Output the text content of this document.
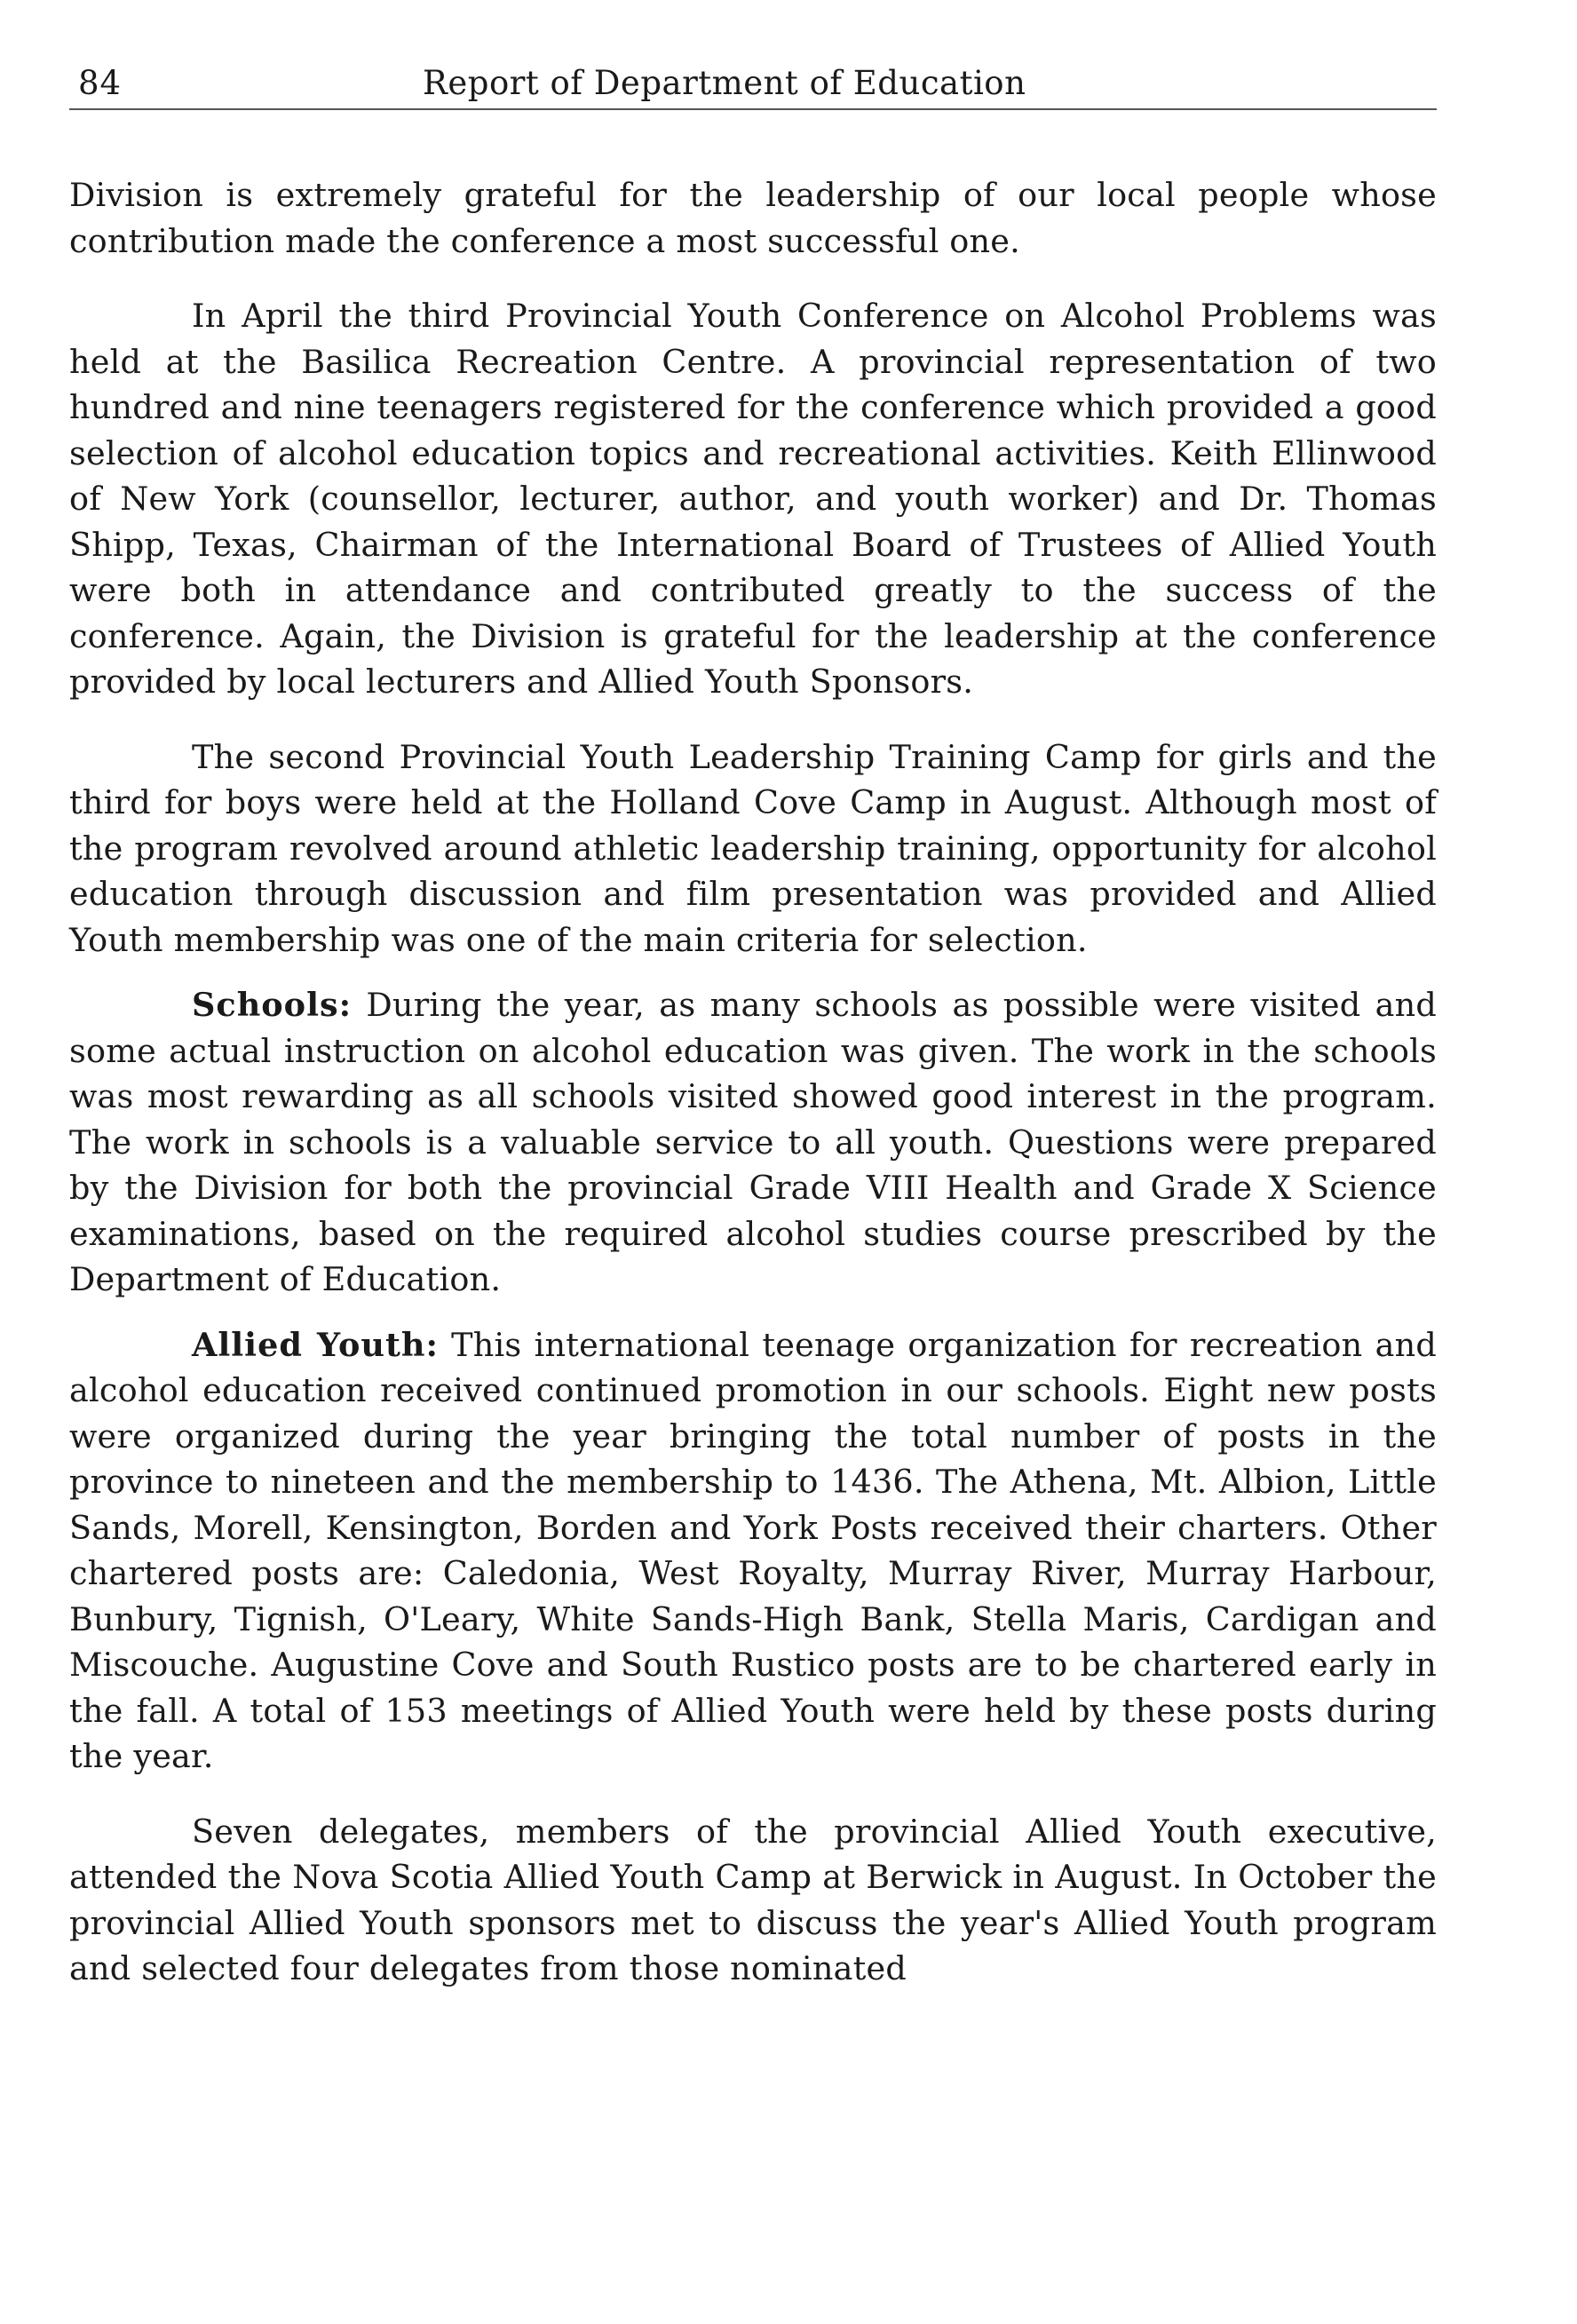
84	Report of Department of Education

Division is extremely grateful for the leadership of our local people whose contribution made the conference a most successful one.

In April the third Provincial Youth Conference on Alcohol Problems was held at the Basilica Recreation Centre. A provincial representation of two hundred and nine teenagers registered for the conference which provided a good selection of alcohol education topics and recreational activities. Keith Ellinwood of New York (counsellor, lecturer, author, and youth worker) and Dr. Thomas Shipp, Texas, Chairman of the International Board of Trustees of Allied Youth were both in attendance and contributed greatly to the success of the conference. Again, the Division is grateful for the leadership at the conference provided by local lecturers and Allied Youth Sponsors.

The second Provincial Youth Leadership Training Camp for girls and the third for boys were held at the Holland Cove Camp in August. Although most of the program revolved around athletic leadership training, opportunity for alcohol education through discussion and film presentation was provided and Allied Youth membership was one of the main criteria for selection.

Schools: During the year, as many schools as possible were visited and some actual instruction on alcohol education was given. The work in the schools was most rewarding as all schools visited showed good interest in the program. The work in schools is a valuable service to all youth. Questions were prepared by the Division for both the provincial Grade VIII Health and Grade X Science examinations, based on the required alcohol studies course prescribed by the Department of Education.

Allied Youth: This international teenage organization for recreation and alcohol education received continued promotion in our schools. Eight new posts were organized during the year bringing the total number of posts in the province to nineteen and the membership to 1436. The Athena, Mt. Albion, Little Sands, Morell, Kensington, Borden and York Posts received their charters. Other chartered posts are: Caledonia, West Royalty, Murray River, Murray Harbour, Bunbury, Tignish, O'Leary, White Sands-High Bank, Stella Maris, Cardigan and Miscouche. Augustine Cove and South Rustico posts are to be chartered early in the fall. A total of 153 meetings of Allied Youth were held by these posts during the year.

Seven delegates, members of the provincial Allied Youth executive, attended the Nova Scotia Allied Youth Camp at Berwick in August. In October the provincial Allied Youth sponsors met to discuss the year's Allied Youth program and selected four delegates from those nominated
